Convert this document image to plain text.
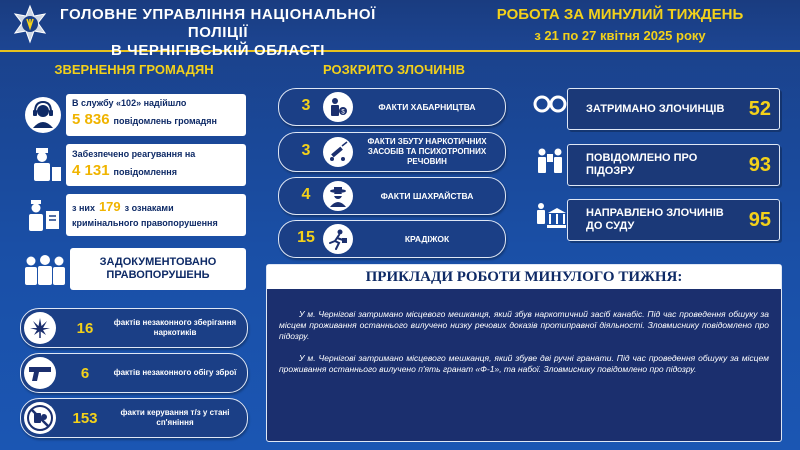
ГОЛОВНЕ УПРАВЛІННЯ НАЦІОНАЛЬНОЇ ПОЛІЦІЇ
В ЧЕРНІГІВСЬКІЙ ОБЛАСТІ
РОБОТА ЗА МИНУЛИЙ ТИЖДЕНЬ
з 21 по 27 квітня 2025 року
ЗВЕРНЕННЯ ГРОМАДЯН
В службу «102» надійшло
5 836 повідомлень громадян
Забезпечено реагування на
4 131 повідомлення
з них 179 з ознаками
кримінального правопорушення
ЗАДОКУМЕНТОВАНО ПРАВОПОРУШЕНЬ
16	фактів незаконного зберігання наркотиків
6	фактів незаконного обігу зброї
153	факти керування т/з у стані сп'яніння
РОЗКРИТО ЗЛОЧИНІВ
3	$
ФАКТИ ХАБАРНИЦТВА
3
ФАКТИ ЗБУТУ НАРКОТИЧНИХ ЗАСОБІВ ТА ПСИХОТРОПНИХ РЕЧОВИН
4	ФАКТИ ШАХРАЙСТВА
15	КРАДІЖОК
ЗАТРИМАНО ЗЛОЧИНЦІВ 52
ПОВІДОМЛЕНО ПРО ПІДОЗРУ	93
НАПРАВЛЕНО ЗЛОЧИНІВ ДО СУДУ	95
ПРИКЛАДИ РОБОТИ МИНУЛОГО ТИЖНЯ:
У м. Чернігові затримано місцевого мешканця, який збув наркотичний засіб канабіс. Під час проведення обшуку за місцем проживання останнього вилучено низку речових доказів протиправної діяльності. Зловмиснику повідомлено про підозру.
У м. Чернігові затримано місцевого мешканця, який збуве дві ручні гранати. Під час проведення обшуку за місцем проживання останнього вилучено п'ять гранат «Ф-1», та набої. Зловмиснику повідомлено про підозру.
